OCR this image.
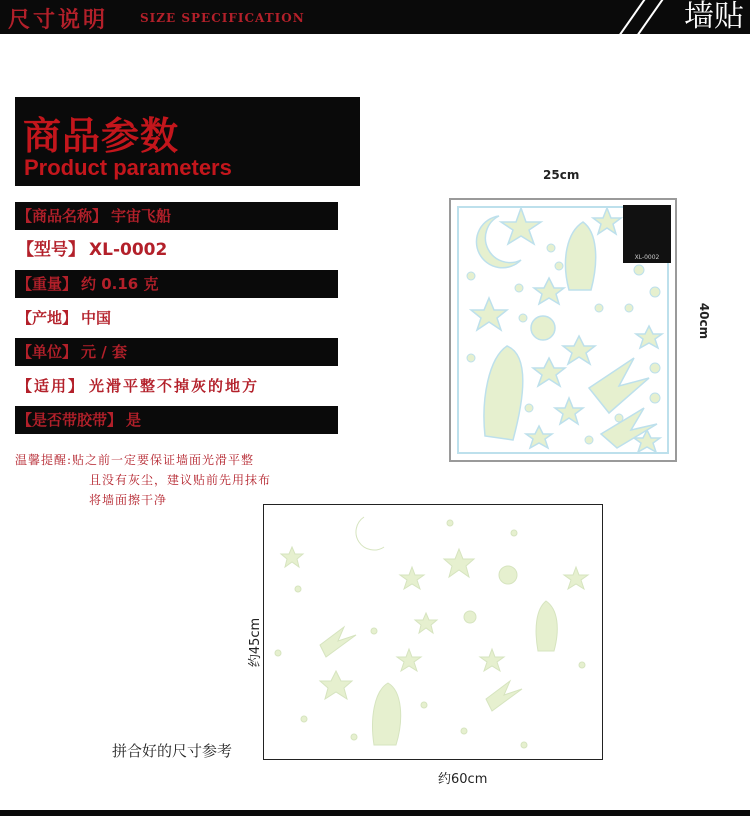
尺寸说明	SIZE SPECIFICATION	墙贴
商品参数
Product parameters
【商品名称】 宇宙飞船
【型号】 XL-0002
【重量】 约 0.16 克
【产地】 中国
【单位】 元 / 套
【适用】 光滑平整不掉灰的地方
【是否带胶带】 是
温馨提醒:贴之前一定要保证墙面光滑平整
且没有灰尘，建议贴前先用抹布
将墙面擦干净
25cm
40cm
XL-0002
拼合好的尺寸参考
约60cm
约45cm
